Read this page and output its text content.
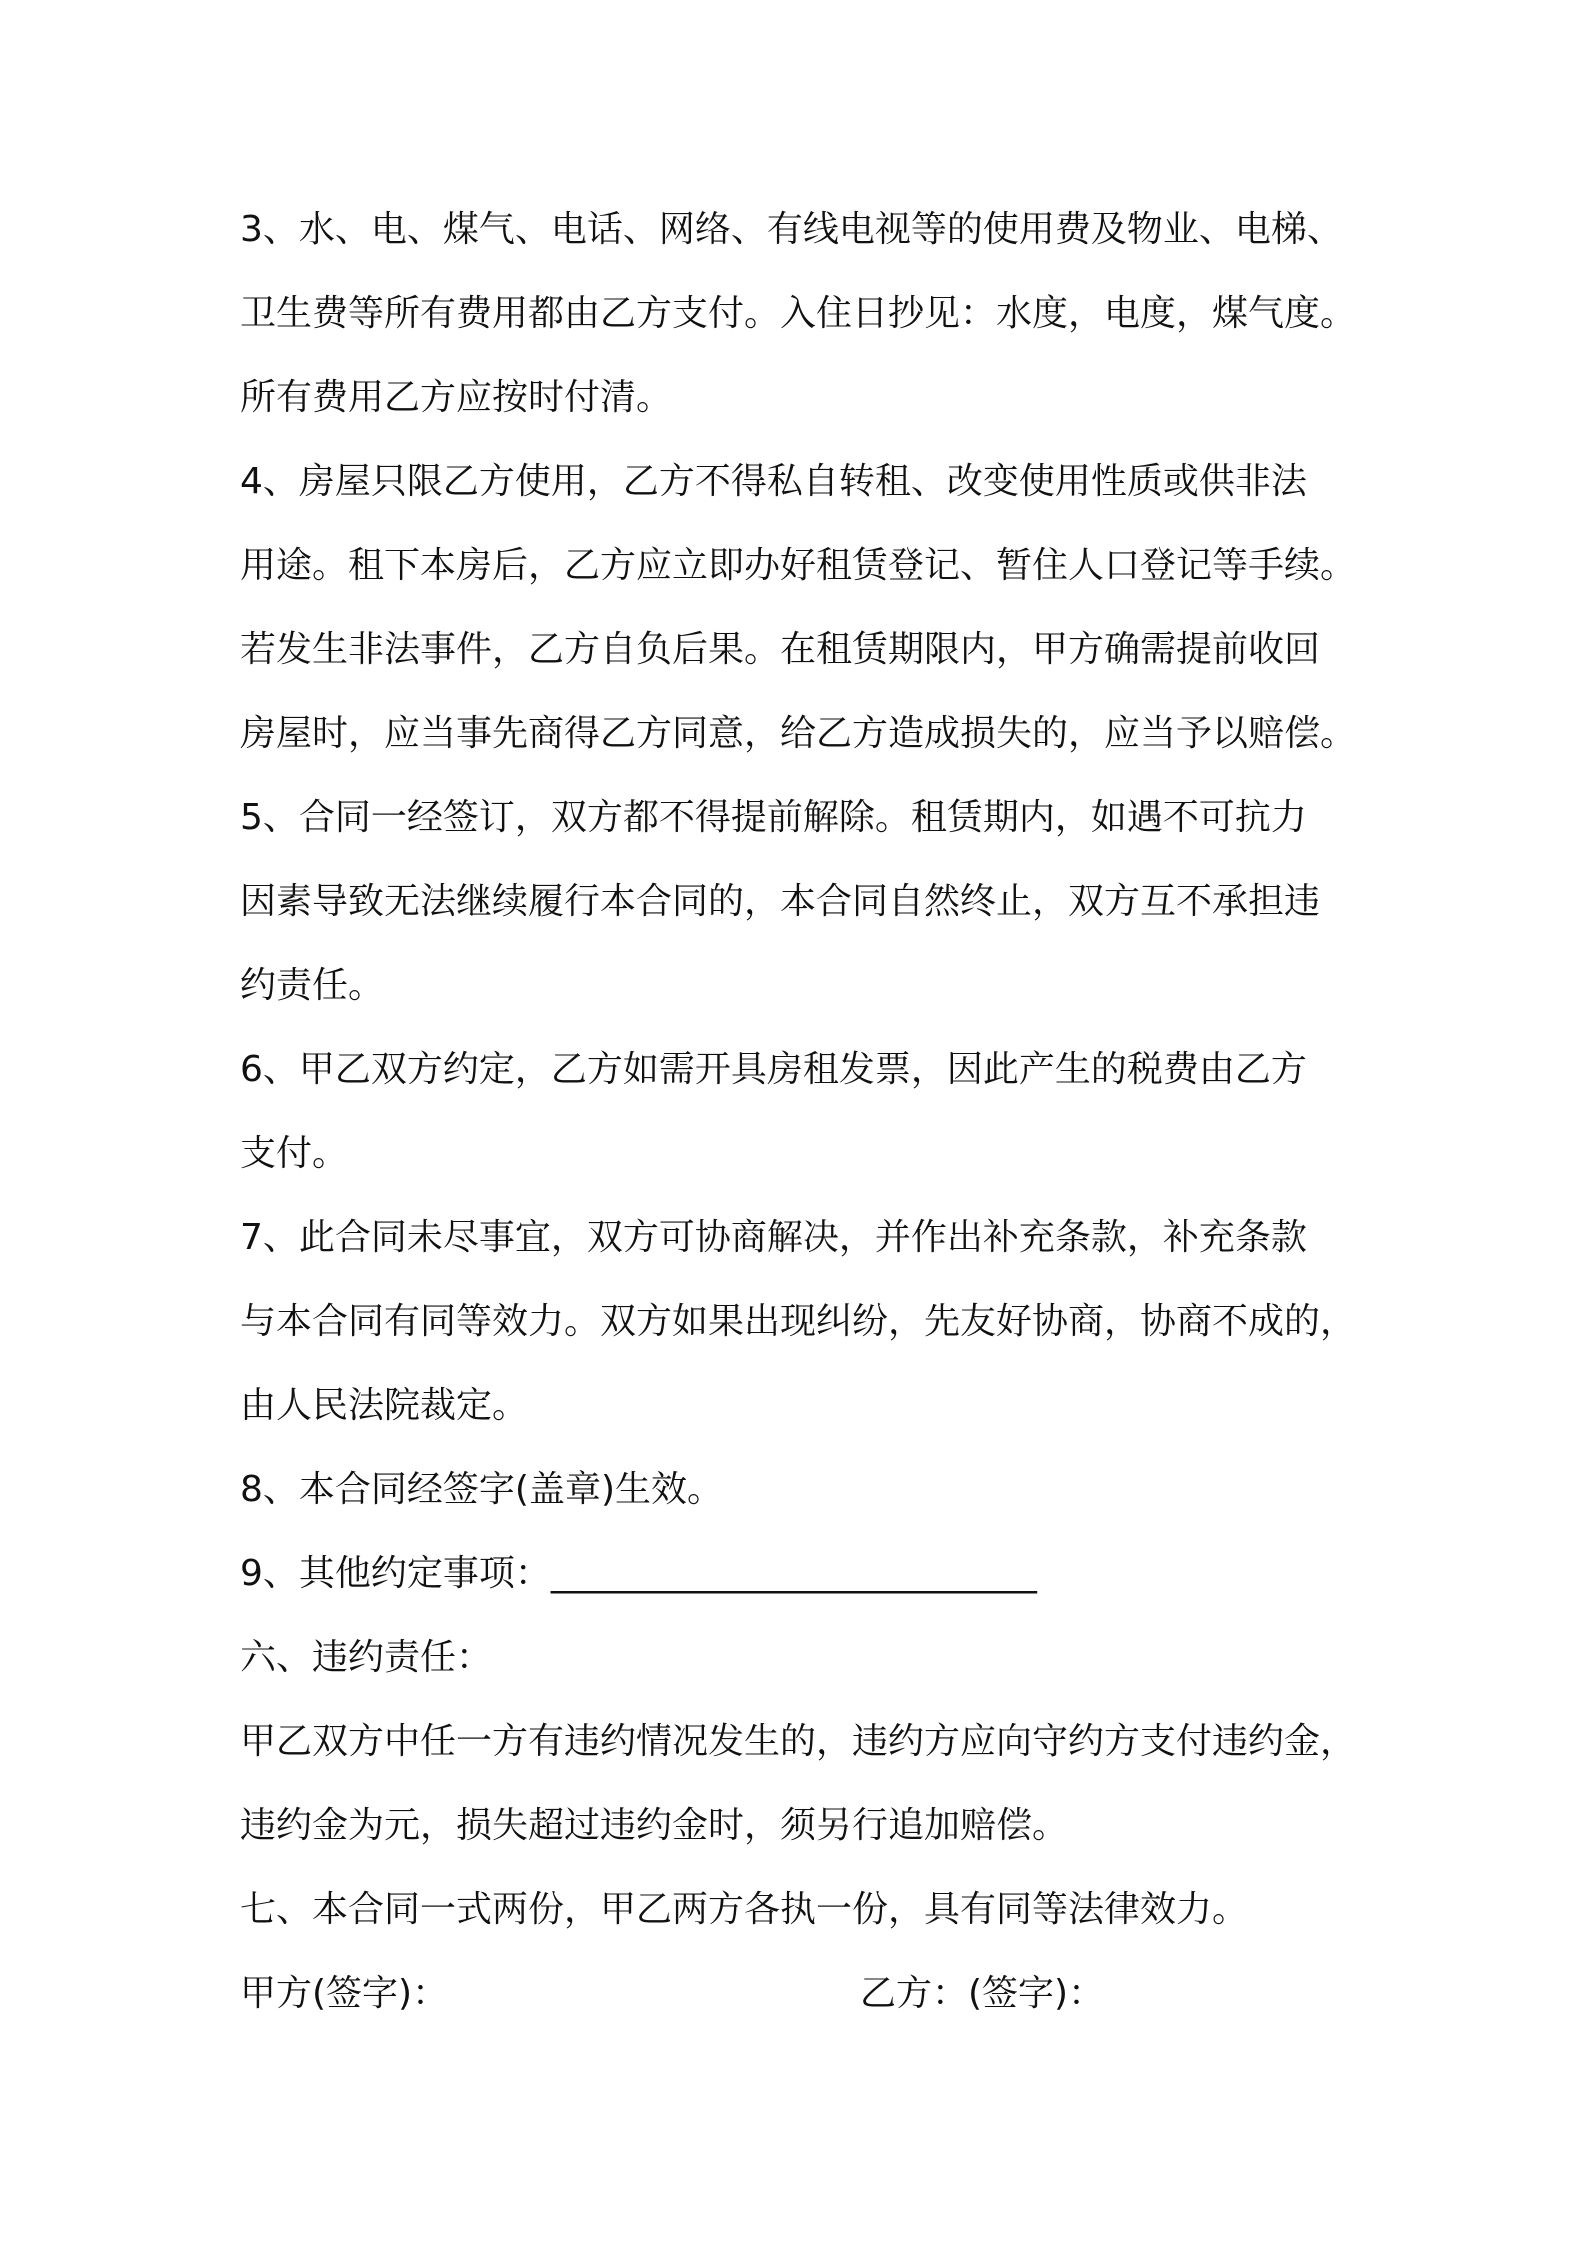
3、水、电、煤气、电话、网络、有线电视等的使用费及物业、电梯、
卫生费等所有费用都由乙方支付。入住日抄见：水度，电度，煤气度。
所有费用乙方应按时付清。
4、房屋只限乙方使用，乙方不得私自转租、改变使用性质或供非法
用途。租下本房后，乙方应立即办好租赁登记、暂住人口登记等手续。
若发生非法事件，乙方自负后果。在租赁期限内，甲方确需提前收回
房屋时，应当事先商得乙方同意，给乙方造成损失的，应当予以赔偿。
5、合同一经签订，双方都不得提前解除。租赁期内，如遇不可抗力
因素导致无法继续履行本合同的，本合同自然终止，双方互不承担违
约责任。
6、甲乙双方约定，乙方如需开具房租发票，因此产生的税费由乙方
支付。
7、此合同未尽事宜，双方可协商解决，并作出补充条款，补充条款
与本合同有同等效力。双方如果出现纠纷，先友好协商，协商不成的，
由人民法院裁定。
8、本合同经签字(盖章)生效。
9、其他约定事项：___________________________
六、违约责任：
甲乙双方中任一方有违约情况发生的，违约方应向守约方支付违约金，
违约金为元，损失超过违约金时，须另行追加赔偿。
七、本合同一式两份，甲乙两方各执一份，具有同等法律效力。
甲方(签字)：	乙方：(签字)：
